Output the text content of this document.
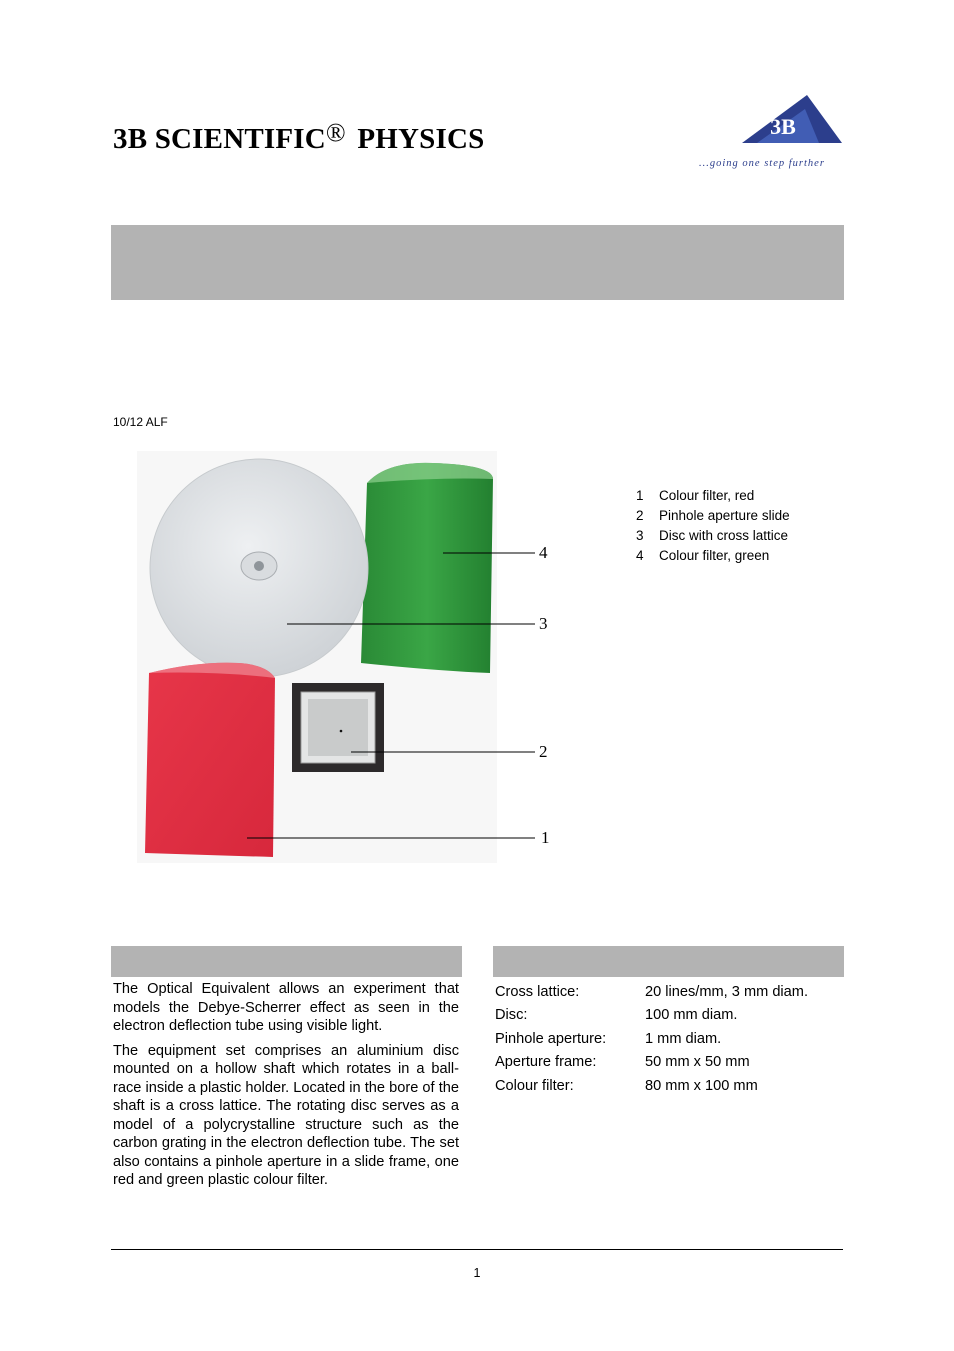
3B SCIENTIFIC® PHYSICS	3B
...going one step further
10/12 ALF
4
3
2
1
1	Colour filter, red
2	Pinhole aperture slide
3	Disc with cross lattice
4	Colour filter, green

The Optical Equivalent allows an experiment that models the Debye-Scherrer effect as seen in the electron deflection tube using visible light.

The equipment set comprises an aluminium disc mounted on a hollow shaft which rotates in a ball-race inside a plastic holder. Located in the bore of the shaft is a cross lattice. The rotating disc serves as a model of a polycrystalline structure such as the carbon grating in the electron deflection tube. The set also contains a pinhole aperture in a slide frame, one red and green plastic colour filter.

Cross lattice:	20 lines/mm, 3 mm diam.
Disc:	100 mm diam.
Pinhole aperture:	1 mm diam.
Aperture frame:	50 mm x 50 mm
Colour filter:	80 mm x 100 mm
1
